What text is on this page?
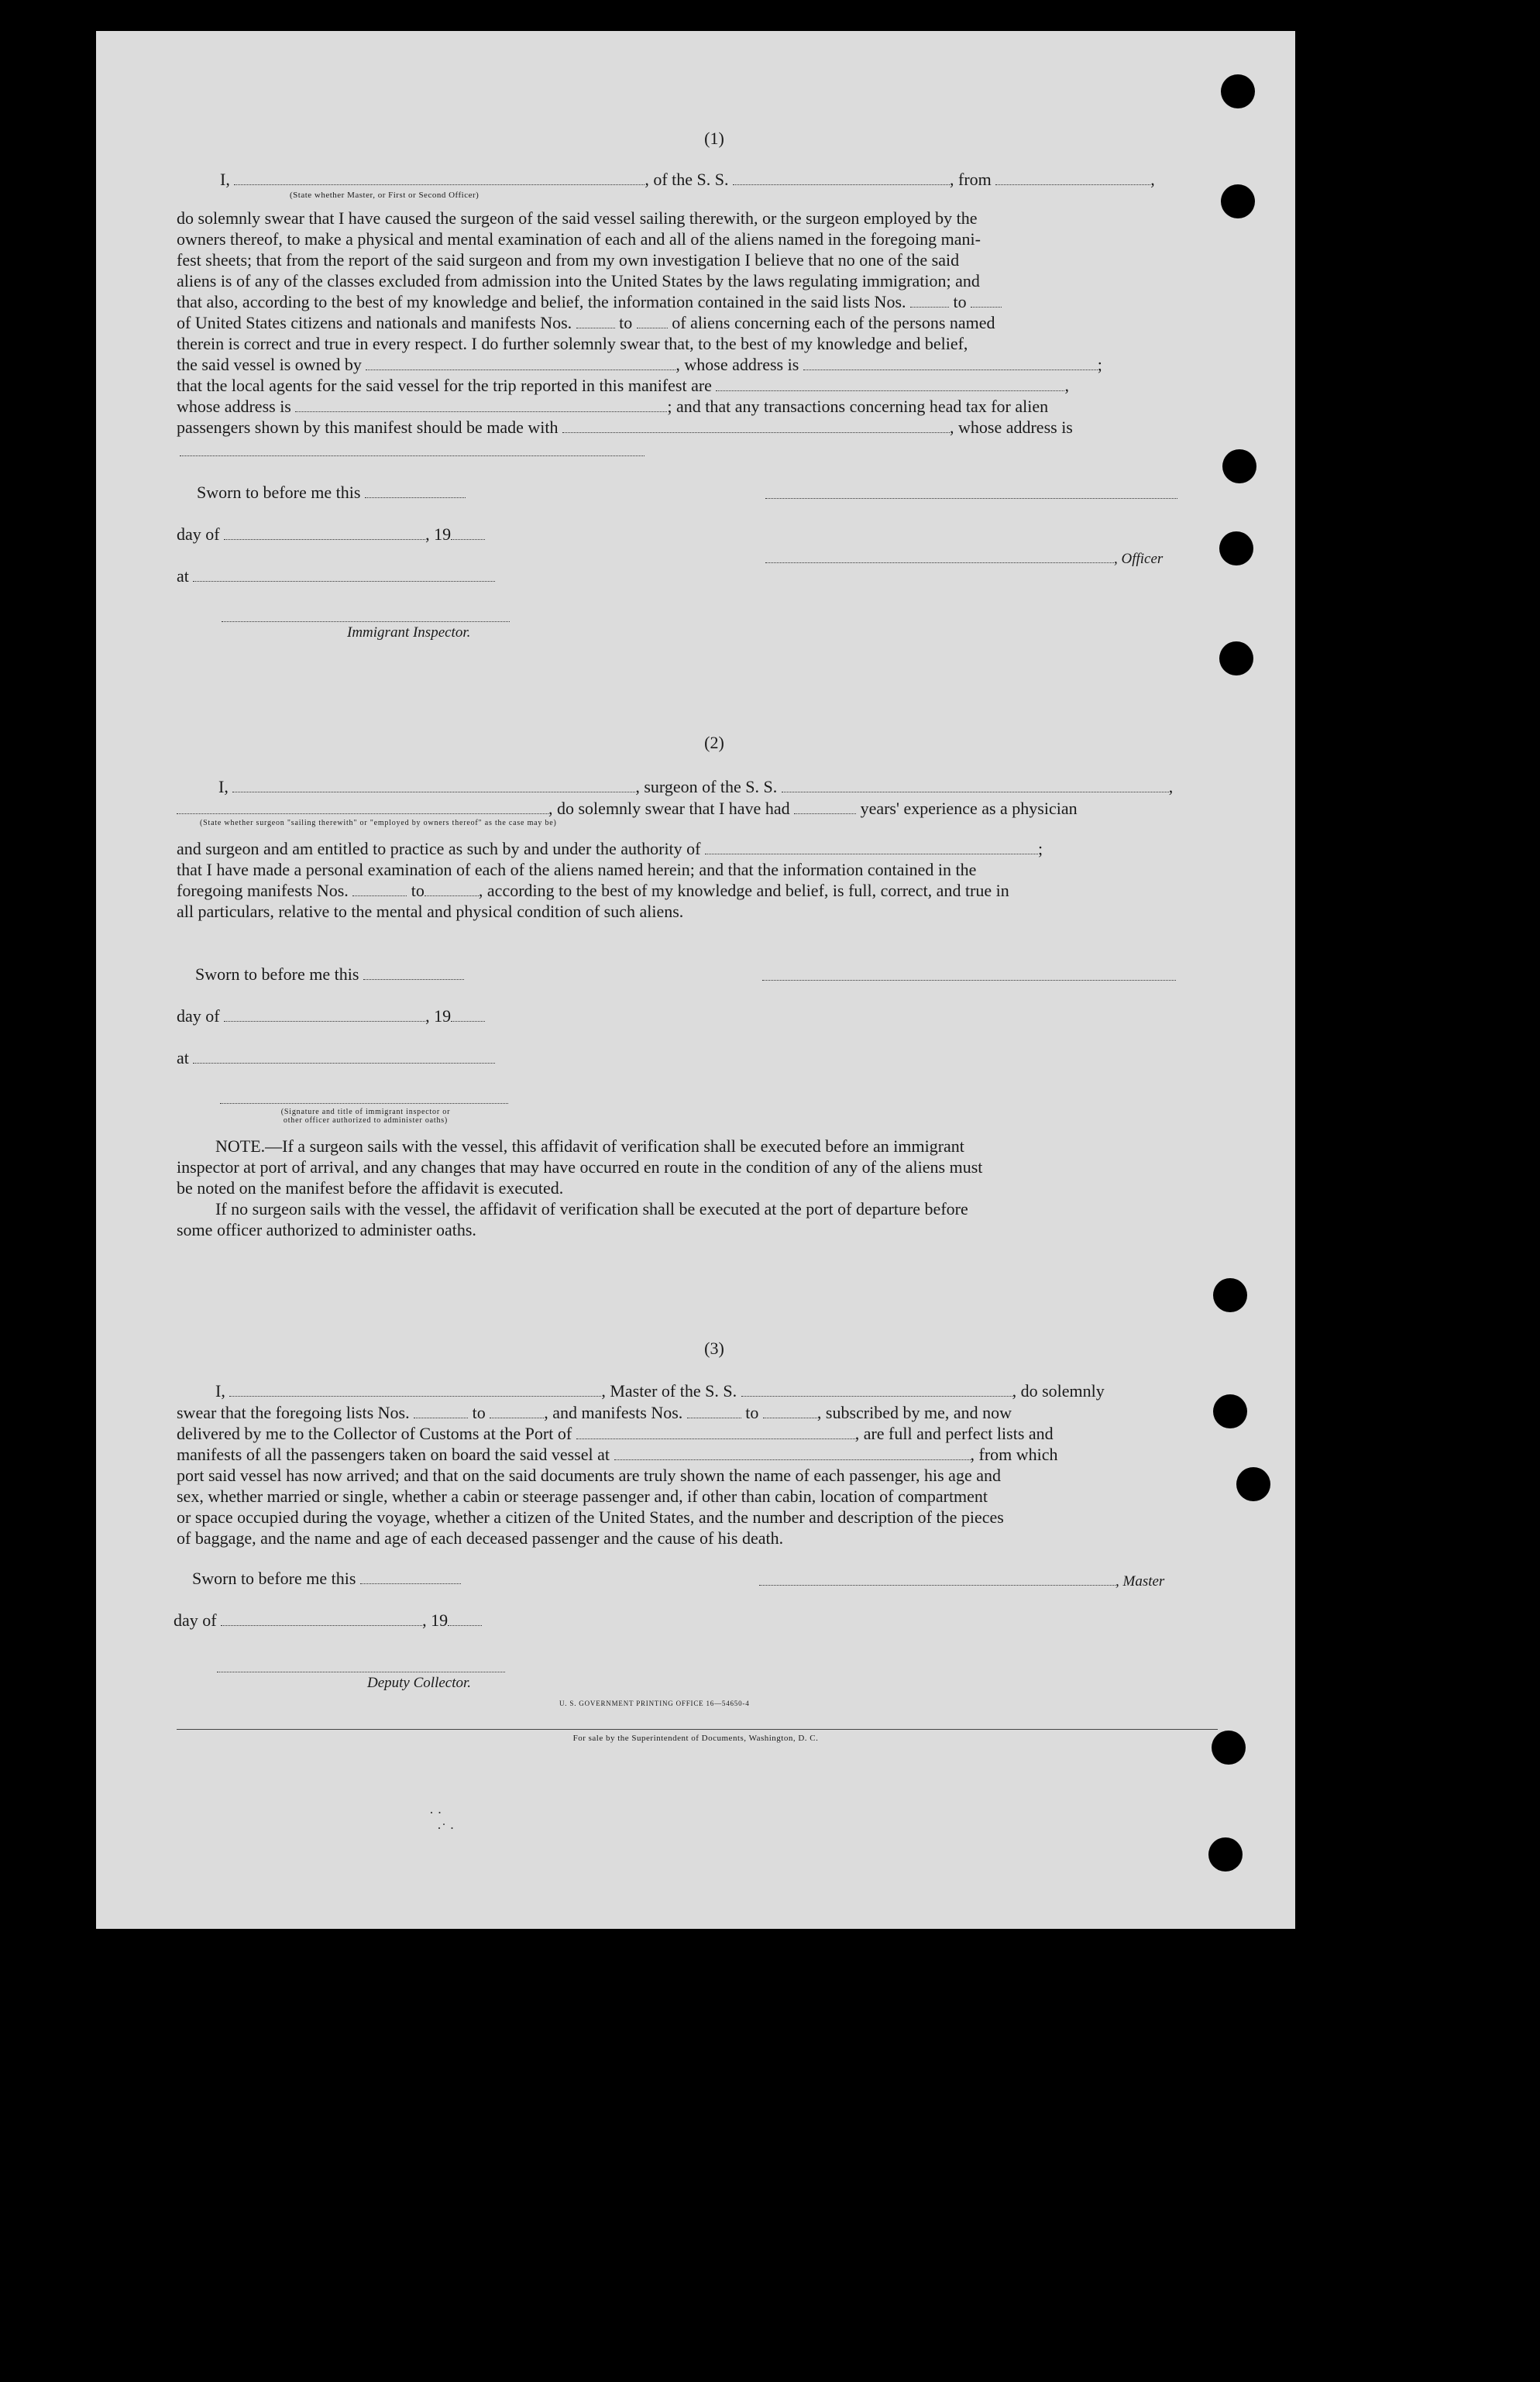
(1)
I,	, of the S. S.	, from	,
(State whether Master, or First or Second Officer)
do solemnly swear that I have caused the surgeon of the said vessel sailing therewith, or the surgeon employed by the
owners thereof, to make a physical and mental examination of each and all of the aliens named in the foregoing mani-
fest sheets; that from the report of the said surgeon and from my own investigation I believe that no one of the said
aliens is of any of the classes excluded from admission into the United States by the laws regulating immigration; and
that also, according to the best of my knowledge and belief, the information contained in the said lists Nos.	to
of United States citizens and nationals and manifests Nos.	to of aliens concerning each of the persons named
therein is correct and true in every respect. I do further solemnly swear that, to the best of my knowledge and belief,
the said vessel is owned by	, whose address is	;
that the local agents for the said vessel for the trip reported in this manifest are	,
whose address is	; and that any transactions concerning head tax for alien
passengers shown by this manifest should be made with	, whose address is
Sworn to before me this
day of	, 19
, Officer
at
Immigrant Inspector.
(2)
I,	, surgeon of the S. S.	,
, do solemnly swear that I have had	years' experience as a physician
(State whether surgeon "sailing therewith" or "employed by owners thereof" as the case may be)
and surgeon and am entitled to practice as such by and under the authority of	;
that I have made a personal examination of each of the aliens named herein; and that the information contained in the
foregoing manifests Nos.	to	, according to the best of my knowledge and belief, is full, correct, and true in
all particulars, relative to the mental and physical condition of such aliens.
Sworn to before me this
day of	, 19
at
(Signature and title of immigrant inspector or
other officer authorized to administer oaths)
NOTE.—If a surgeon sails with the vessel, this affidavit of verification shall be executed before an immigrant
inspector at port of arrival, and any changes that may have occurred en route in the condition of any of the aliens must
be noted on the manifest before the affidavit is executed.
If no surgeon sails with the vessel, the affidavit of verification shall be executed at the port of departure before
some officer authorized to administer oaths.
(3)
I,	, Master of the S. S.	, do solemnly
swear that the foregoing lists Nos.	to	, and manifests Nos.	to	, subscribed by me, and now
delivered by me to the Collector of Customs at the Port of	, are full and perfect lists and
manifests of all the passengers taken on board the said vessel at	, from which
port said vessel has now arrived; and that on the said documents are truly shown the name of each passenger, his age and
sex, whether married or single, whether a cabin or steerage passenger and, if other than cabin, location of compartment
or space occupied during the voyage, whether a citizen of the United States, and the number and description of the pieces
of baggage, and the name and age of each deceased passenger and the cause of his death.
Sworn to before me this	, Master
day of	, 19
Deputy Collector.
U. S. GOVERNMENT PRINTING OFFICE 16—54650-4
For sale by the Superintendent of Documents, Washington, D. C.
· ·
·˙ ·
